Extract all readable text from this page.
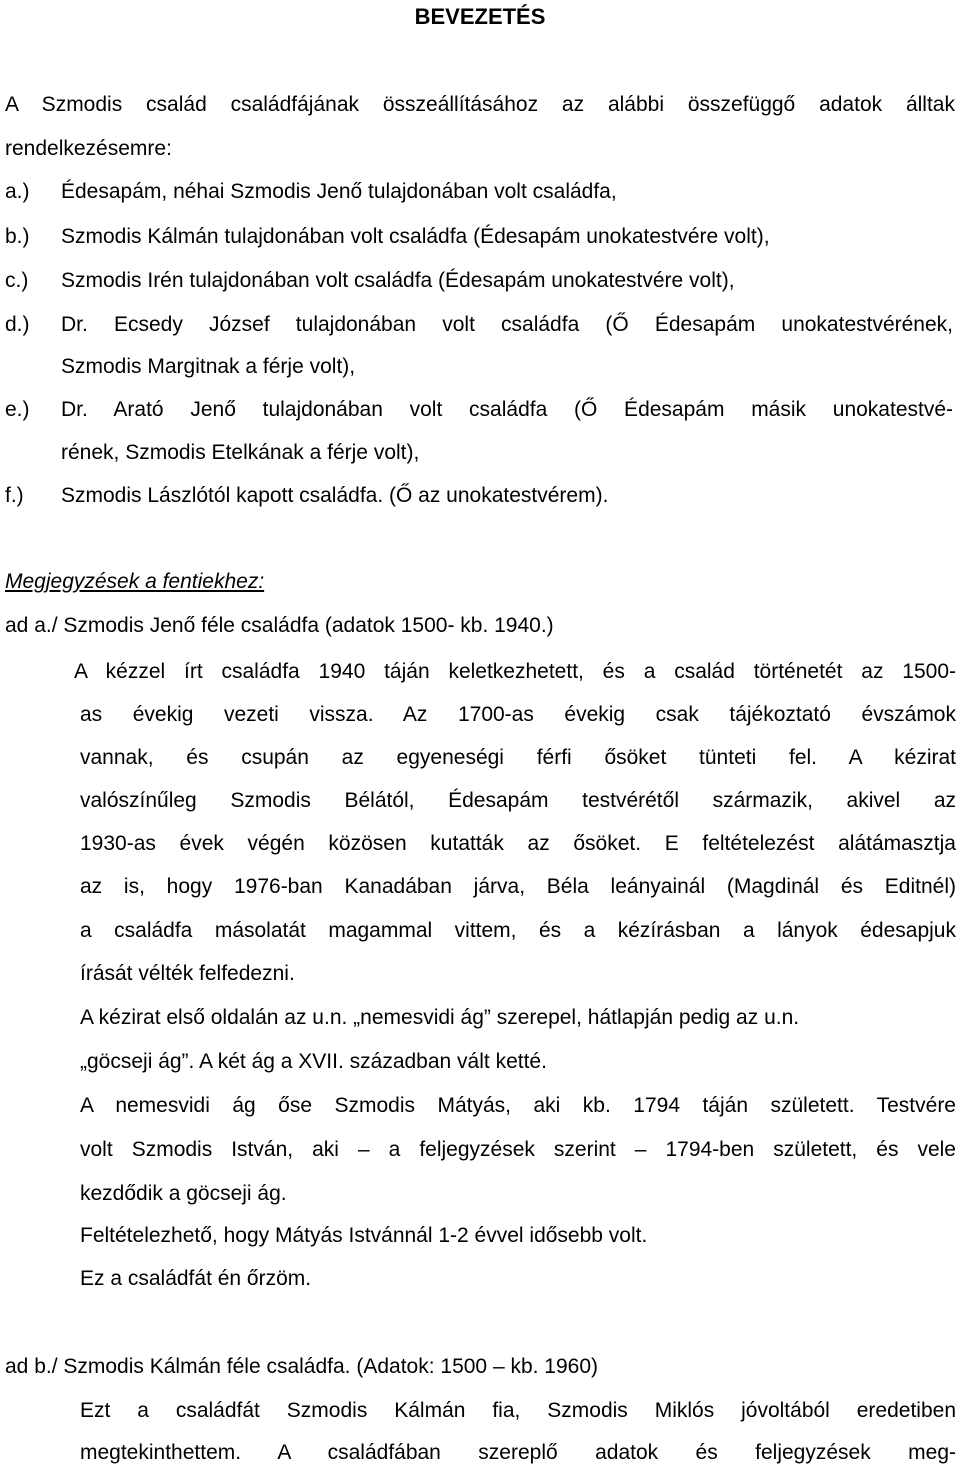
BEVEZETÉS
A Szmodis család családfájának összeállításához az alábbi összefüggő adatok álltak
rendelkezésemre:
a.) Édesapám, néhai Szmodis Jenő tulajdonában volt családfa,
b.) Szmodis Kálmán tulajdonában volt családfa (Édesapám unokatestvére volt),
c.) Szmodis Irén tulajdonában volt családfa (Édesapám unokatestvére volt),
d.) Dr. Ecsedy József tulajdonában volt családfa (Ő Édesapám unokatestvérének,
Szmodis Margitnak a férje volt),
e.) Dr. Arató Jenő tulajdonában volt családfa (Ő Édesapám másik unokatestvé-
rének, Szmodis Etelkának a férje volt),
f.) Szmodis Lászlótól kapott családfa. (Ő az unokatestvérem).
Megjegyzések a fentiekhez:
ad a./ Szmodis Jenő féle családfa (adatok 1500- kb. 1940.)
A kézzel írt családfa 1940 táján keletkezhetett, és a család történetét az 1500-
as évekig vezeti vissza. Az 1700-as évekig csak tájékoztató évszámok
vannak, és csupán az egyeneségi férfi ősöket tünteti fel. A kézirat
valószínűleg Szmodis Bélától, Édesapám testvérétől származik, akivel az
1930-as évek végén közösen kutatták az ősöket. E feltételezést alátámasztja
az is, hogy 1976-ban Kanadában járva, Béla leányainál (Magdinál és Editnél)
a családfa másolatát magammal vittem, és a kézírásban a lányok édesapjuk
írását vélték felfedezni.
A kézirat első oldalán az u.n. „nemesvidi ág” szerepel, hátlapján pedig az u.n.
„göcseji ág”. A két ág a XVII. században vált ketté.
A nemesvidi ág őse Szmodis Mátyás, aki kb. 1794 táján született. Testvére
volt Szmodis István, aki – a feljegyzések szerint – 1794-ben született, és vele
kezdődik a göcseji ág.
Feltételezhető, hogy Mátyás Istvánnál 1-2 évvel idősebb volt.
Ez a családfát én őrzöm.
ad b./ Szmodis Kálmán féle családfa. (Adatok: 1500 – kb. 1960)
Ezt a családfát Szmodis Kálmán fia, Szmodis Miklós jóvoltából eredetiben
megtekinthettem. A családfában szereplő adatok és feljegyzések meg-
